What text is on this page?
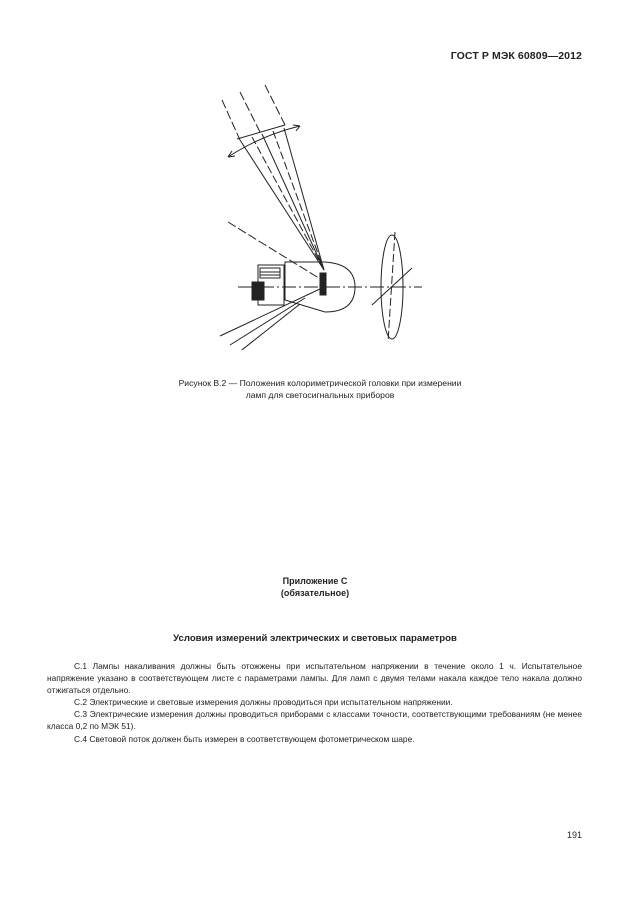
ГОСТ Р МЭК 60809—2012
Рисунок В.2 — Положения колориметрической головки при измерении
ламп для светосигнальных приборов
Приложение С
(обязательное)
Условия измерений электрических и световых параметров

С.1 Лампы накаливания должны быть отожжены при испытательном напряжении в течение около 1 ч. Испытательное напряжение указано в соответствующем листе с параметрами лампы. Для ламп с двумя телами накала каждое тело накала должно отжигаться отдельно.

С.2 Электрические и световые измерения должны проводиться при испытательном напряжении.

С.3 Электрические измерения должны проводиться приборами с классами точности, соответствующими требованиям (не менее класса 0,2 по МЭК 51).

С.4 Световой поток должен быть измерен в соответствующем фотометрическом шаре.

191
